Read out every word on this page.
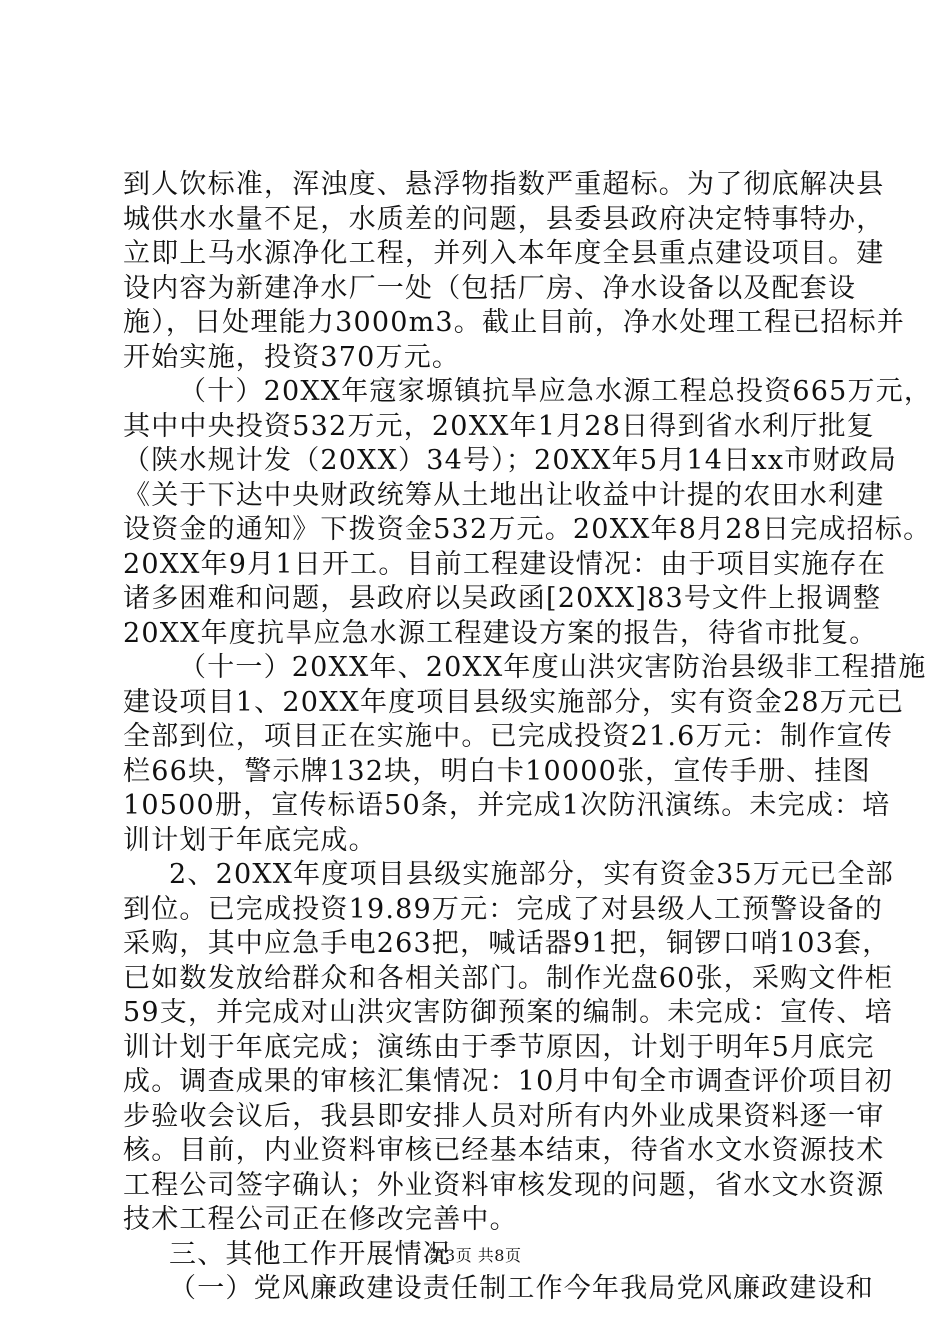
到人饮标准，浑浊度、悬浮物指数严重超标。为了彻底解决县
城供水水量不足，水质差的问题，县委县政府决定特事特办，
立即上马水源净化工程，并列入本年度全县重点建设项目。建
设内容为新建净水厂一处（包括厂房、净水设备以及配套设
施），日处理能力3000m3。截止目前，净水处理工程已招标并
开始实施，投资370万元。
（十）20XX年寇家塬镇抗旱应急水源工程总投资665万元，
其中中央投资532万元，20XX年1月28日得到省水利厅批复
（陕水规计发（20XX）34号）；20XX年5月14日xx市财政局
《关于下达中央财政统筹从土地出让收益中计提的农田水利建
设资金的通知》下拨资金532万元。20XX年8月28日完成招标。
20XX年9月1日开工。目前工程建设情况：由于项目实施存在
诸多困难和问题，县政府以吴政函[20XX]83号文件上报调整
20XX年度抗旱应急水源工程建设方案的报告，待省市批复。
（十一）20XX年、20XX年度山洪灾害防治县级非工程措施
建设项目1、20XX年度项目县级实施部分，实有资金28万元已
全部到位，项目正在实施中。已完成投资21.6万元：制作宣传
栏66块，警示牌132块，明白卡10000张，宣传手册、挂图
10500册，宣传标语50条，并完成1次防汛演练。未完成：培
训计划于年底完成。
2、20XX年度项目县级实施部分，实有资金35万元已全部
到位。已完成投资19.89万元：完成了对县级人工预警设备的
采购，其中应急手电263把，喊话器91把，铜锣口哨103套，
已如数发放给群众和各相关部门。制作光盘60张，采购文件柜
59支，并完成对山洪灾害防御预案的编制。未完成：宣传、培
训计划于年底完成；演练由于季节原因，计划于明年5月底完
成。调查成果的审核汇集情况：10月中旬全市调查评价项目初
步验收会议后，我县即安排人员对所有内外业成果资料逐一审
核。目前，内业资料审核已经基本结束，待省水文水资源技术
工程公司签字确认；外业资料审核发现的问题，省水文水资源
技术工程公司正在修改完善中。
三、其他工作开展情况
（一）党风廉政建设责任制工作今年我局党风廉政建设和
第3页 共8页
